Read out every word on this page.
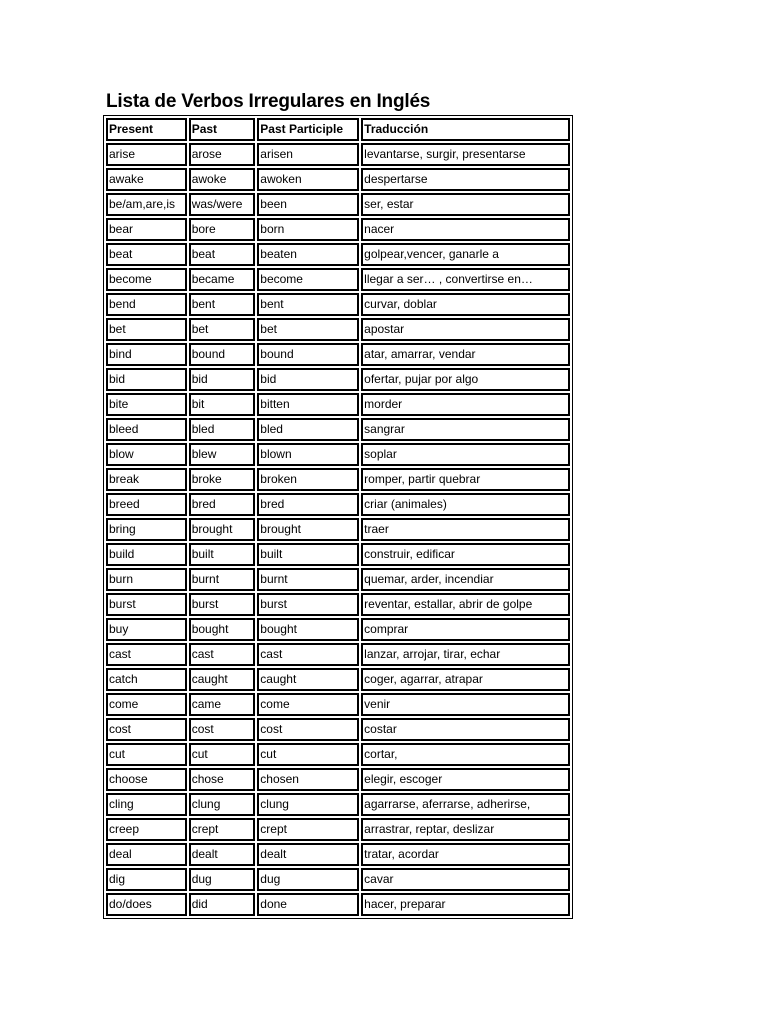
Lista de Verbos Irregulares en Inglés
Present	Past	Past Participle	Traducción
arise	arose	arisen	levantarse, surgir, presentarse
awake	awoke	awoken	despertarse
be/am,are,is	was/were	been	ser, estar
bear	bore	born	nacer
beat	beat	beaten	golpear,vencer, ganarle a
become	became	become	llegar a ser… , convertirse en…
bend	bent	bent	curvar, doblar
bet	bet	bet	apostar
bind	bound	bound	atar, amarrar, vendar
bid	bid	bid	ofertar, pujar por algo
bite	bit	bitten	morder
bleed	bled	bled	sangrar
blow	blew	blown	soplar
break	broke	broken	romper, partir quebrar
breed	bred	bred	criar (animales)
bring	brought	brought	traer
build	built	built	construir, edificar
burn	burnt	burnt	quemar, arder, incendiar
burst	burst	burst	reventar, estallar, abrir de golpe
buy	bought	bought	comprar
cast	cast	cast	lanzar, arrojar, tirar, echar
catch	caught	caught	coger, agarrar, atrapar
come	came	come	venir
cost	cost	cost	costar
cut	cut	cut	cortar,
choose	chose	chosen	elegir, escoger
cling	clung	clung	agarrarse, aferrarse, adherirse,
creep	crept	crept	arrastrar, reptar, deslizar
deal	dealt	dealt	tratar, acordar
dig	dug	dug	cavar
do/does	did	done	hacer, preparar
